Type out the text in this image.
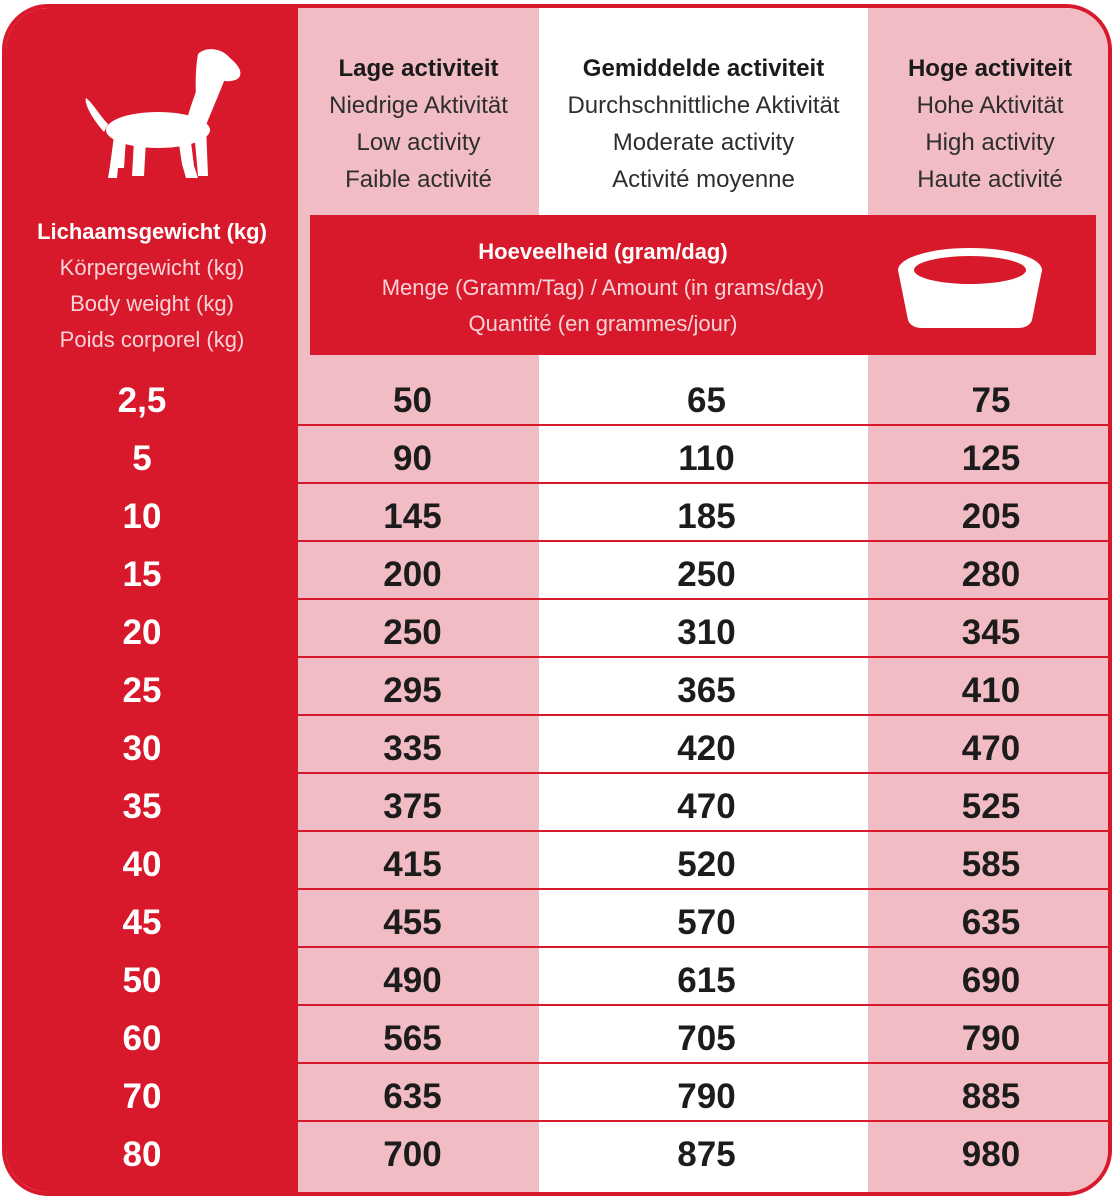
Lage activiteit
Niedrige Aktivität
Low activity
Faible activité
Gemiddelde activiteit
Durchschnittliche Aktivität
Moderate activity
Activité moyenne
Hoge activiteit
Hohe Aktivität
High activity
Haute activité
Lichaamsgewicht (kg)
Körpergewicht (kg)
Body weight (kg)
Poids corporel (kg)
Hoeveelheid (gram/dag)
Menge (Gramm/Tag) / Amount (in grams/day)
Quantité (en grammes/jour)
2,5	50	65	75
5	90	110	125
10	145	185	205
15	200	250	280
20	250	310	345
25	295	365	410
30	335	420	470
35	375	470	525
40	415	520	585
45	455	570	635
50	490	615	690
60	565	705	790
70	635	790	885
80	700	875	980
